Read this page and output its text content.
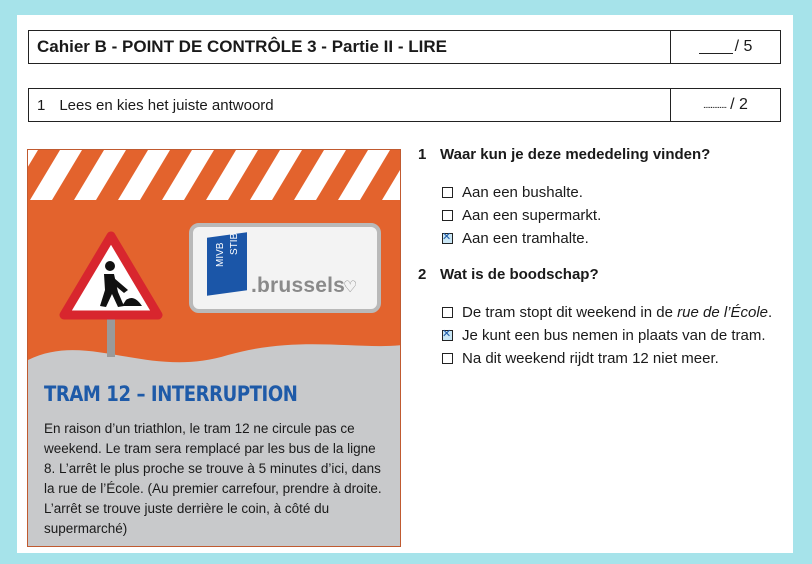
Cahier B - POINT DE CONTRÔLE 3 - Partie II - LIRE	/ 5
1 Lees en kies het juiste antwoord	............. / 2
MIVB STIB
.brussels
♡
TRAM 12 – INTERRUPTION
En raison d’un triathlon, le tram 12 ne circule pas ce weekend. Le tram sera remplacé par les bus de la ligne 8. L’arrêt le plus proche se trouve à 5 minutes d’ici, dans la rue de l’École. (Au premier carrefour, prendre à droite. L’arrêt se trouve juste derrière le coin, à côté du supermarché)
1 Waar kun je deze mededeling vinden?
Aan een bushalte.
Aan een supermarkt.
✕
Aan een tramhalte.
2 Wat is de boodschap?
De tram stopt dit weekend in de rue de l’École.
✕
Je kunt een bus nemen in plaats van de tram.
Na dit weekend rijdt tram 12 niet meer.
